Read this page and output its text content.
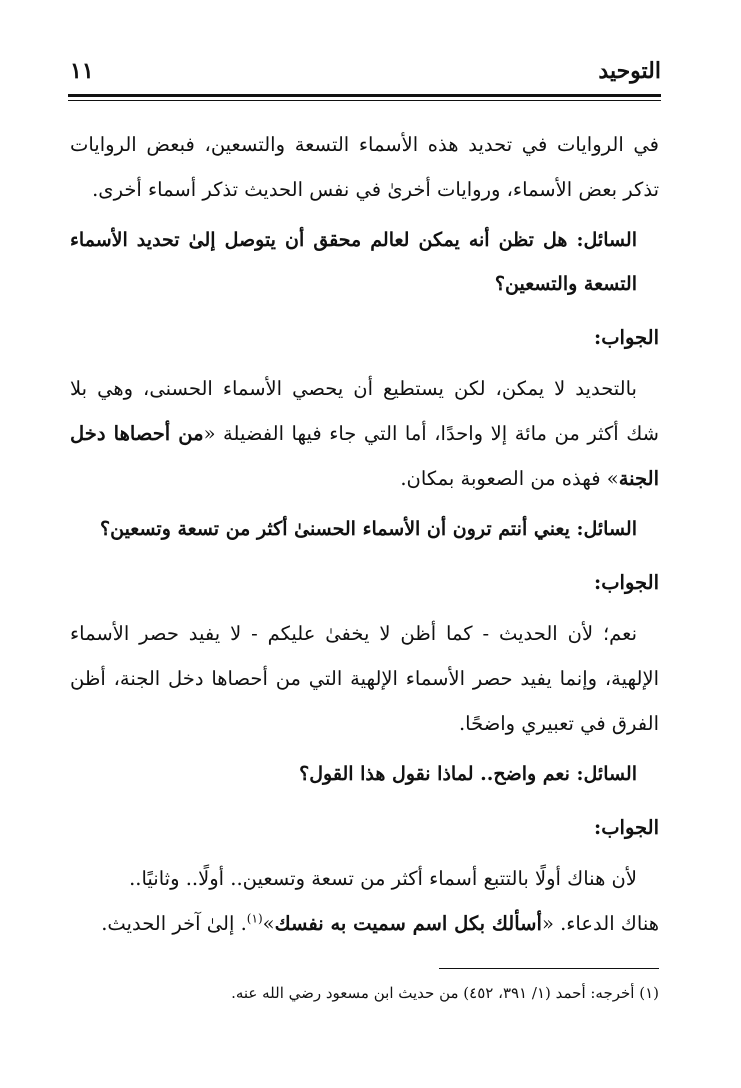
التوحيد
١١

في الروايات في تحديد هذه الأسماء التسعة والتسعين، فبعض الروايات تذكر بعض الأسماء، وروايات أخرىٰ في نفس الحديث تذكر أسماء أخرى.

السائل: هل تظن أنه يمكن لعالم محقق أن يتوصل إلىٰ تحديد الأسماء التسعة والتسعين؟

الجواب:

بالتحديد لا يمكن، لكن يستطيع أن يحصي الأسماء الحسنى، وهي بلا شك أكثر من مائة إلا واحدًا، أما التي جاء فيها الفضيلة «من أحصاها دخل الجنة» فهذه من الصعوبة بمكان.

السائل: يعني أنتم ترون أن الأسماء الحسنىٰ أكثر من تسعة وتسعين؟

الجواب:

نعم؛ لأن الحديث - كما أظن لا يخفىٰ عليكم - لا يفيد حصر الأسماء الإلهية، وإنما يفيد حصر الأسماء الإلهية التي من أحصاها دخل الجنة، أظن الفرق في تعبيري واضحًا.

السائل: نعم واضح.. لماذا نقول هذا القول؟

الجواب:

لأن هناك أولًا بالتتبع أسماء أكثر من تسعة وتسعين.. أولًا.. وثانيًا..

هناك الدعاء. «أسألك بكل اسم سميت به نفسك»$^{(١)}$. إلىٰ آخر الحديث.

(١) أخرجه: أحمد (١/ ٣٩١، ٤٥٢) من حديث ابن مسعود رضي الله عنه.
